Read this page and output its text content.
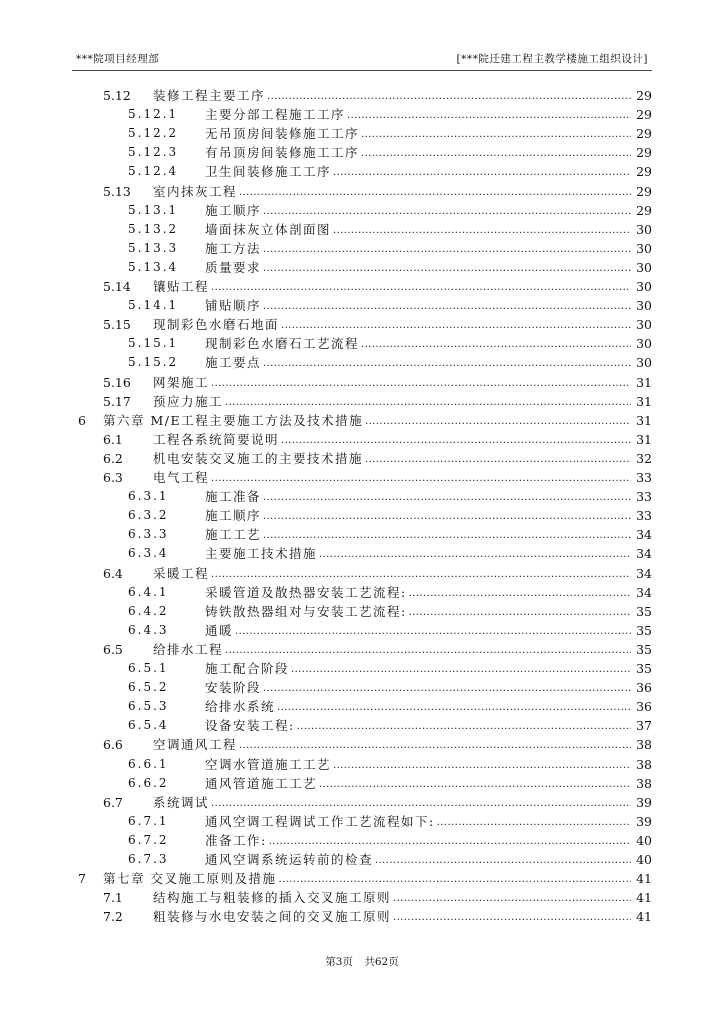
***院项目经理部	[***院迁建工程主教学楼施工组织设计]
5.12 装修工程主要工序 .....	29
5.12.1 主要分部工程施工工序 .....	29
5.12.2 无吊顶房间装修施工工序 .....	29
5.12.3 有吊顶房间装修施工工序 .....	29
5.12.4 卫生间装修施工工序 .....	29
5.13 室内抹灰工程 .....	29
5.13.1 施工顺序 .....	29
5.13.2 墙面抹灰立体剖面图 .....	30
5.13.3 施工方法 .....	30
5.13.4 质量要求 .....	30
5.14 镶贴工程 .....	30
5.14.1 铺贴顺序 .....	30
5.15 现制彩色水磨石地面 .....	30
5.15.1 现制彩色水磨石工艺流程 .....	30
5.15.2 施工要点 .....	30
5.16 网架施工 .....	31
5.17 预应力施工 .....	31
6 第六章 M/E工程主要施工方法及技术措施 .....	31
6.1 工程各系统简要说明 .....	31
6.2 机电安装交叉施工的主要技术措施 .....	32
6.3 电气工程 .....	33
6.3.1	施工准备 .....	33
6.3.2	施工顺序 .....	33
6.3.3	施工工艺 .....	34
6.3.4	主要施工技术措施 .....	34
6.4 采暖工程 .....	34
6.4.1	采暖管道及散热器安装工艺流程: .....	34
6.4.2	铸铁散热器组对与安装工艺流程: .....	35
6.4.3	通暖 .....	35
6.5 给排水工程 .....	35
6.5.1	施工配合阶段 .....	35
6.5.2	安装阶段 .....	36
6.5.3	给排水系统 .....	36
6.5.4	设备安装工程: .....	37
6.6 空调通风工程 .....	38
6.6.1	空调水管道施工工艺 .....	38
6.6.2	通风管道施工工艺 .....	38
6.7 系统调试 .....	39
6.7.1	通风空调工程调试工作工艺流程如下: .....	39
6.7.2	准备工作: .....	40
6.7.3	通风空调系统运转前的检查 .....	40
7 第七章 交叉施工原则及措施 .....	41
7.1 结构施工与粗装修的插入交叉施工原则 .....	41
7.2 粗装修与水电安装之间的交叉施工原则 .....	41
第3页 共62页
